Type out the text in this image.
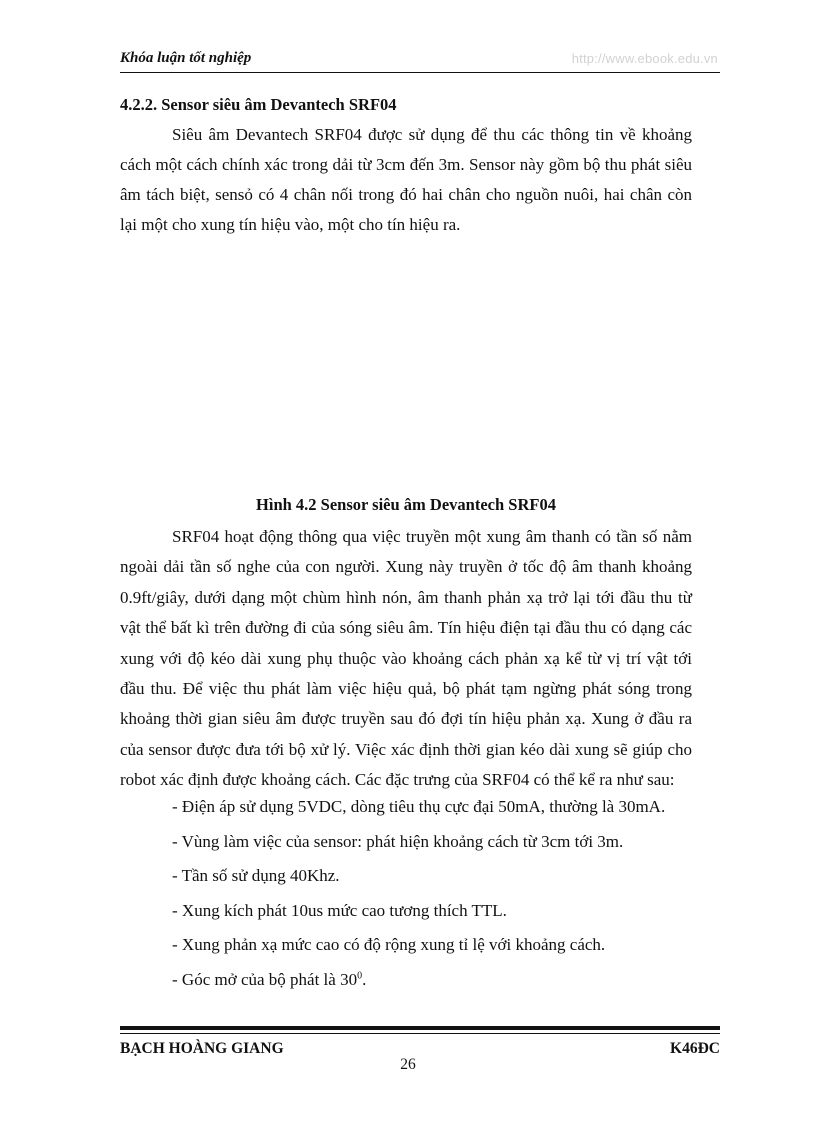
Khóa luận tốt nghiệp	http://www.ebook.edu.vn
4.2.2. Sensor siêu âm Devantech SRF04

Siêu âm Devantech SRF04 được sử dụng để thu các thông tin về khoảng cách một cách chính xác trong dải từ 3cm đến 3m. Sensor này gồm bộ thu phát siêu âm tách biệt, sensỏ có 4 chân nối trong đó hai chân cho nguồn nuôi, hai chân còn lại một cho xung tín hiệu vào, một cho tín hiệu ra.

Hình 4.2 Sensor siêu âm Devantech SRF04

SRF04 hoạt động thông qua việc truyền một xung âm thanh có tần số nằm ngoài dải tần số nghe của con người. Xung này truyền ở tốc độ âm thanh khoảng 0.9ft/giây, dưới dạng một chùm hình nón, âm thanh phản xạ trở lại tới đầu thu từ vật thể bất kì trên đường đi của sóng siêu âm. Tín hiệu điện tại đầu thu có dạng các xung với độ kéo dài xung phụ thuộc vào khoảng cách phản xạ kể từ vị trí vật tới đầu thu. Để việc thu phát làm việc hiệu quả, bộ phát tạm ngừng phát sóng trong khoảng thời gian siêu âm được truyền sau đó đợi tín hiệu phản xạ. Xung ở đầu ra của sensor được đưa tới bộ xử lý. Việc xác định thời gian kéo dài xung sẽ giúp cho robot xác định được khoảng cách. Các đặc trưng của SRF04 có thể kể ra như sau:

- Điện áp sử dụng 5VDC, dòng tiêu thụ cực đại 50mA, thường là 30mA.
- Vùng làm việc của sensor: phát hiện khoảng cách từ 3cm tới 3m.
- Tần số sử dụng 40Khz.
- Xung kích phát 10us mức cao tương thích TTL.
- Xung phản xạ mức cao có độ rộng xung tỉ lệ với khoảng cách.
- Góc mở của bộ phát là $30^0$.
BẠCH HOÀNG GIANG	K46ĐC
26
